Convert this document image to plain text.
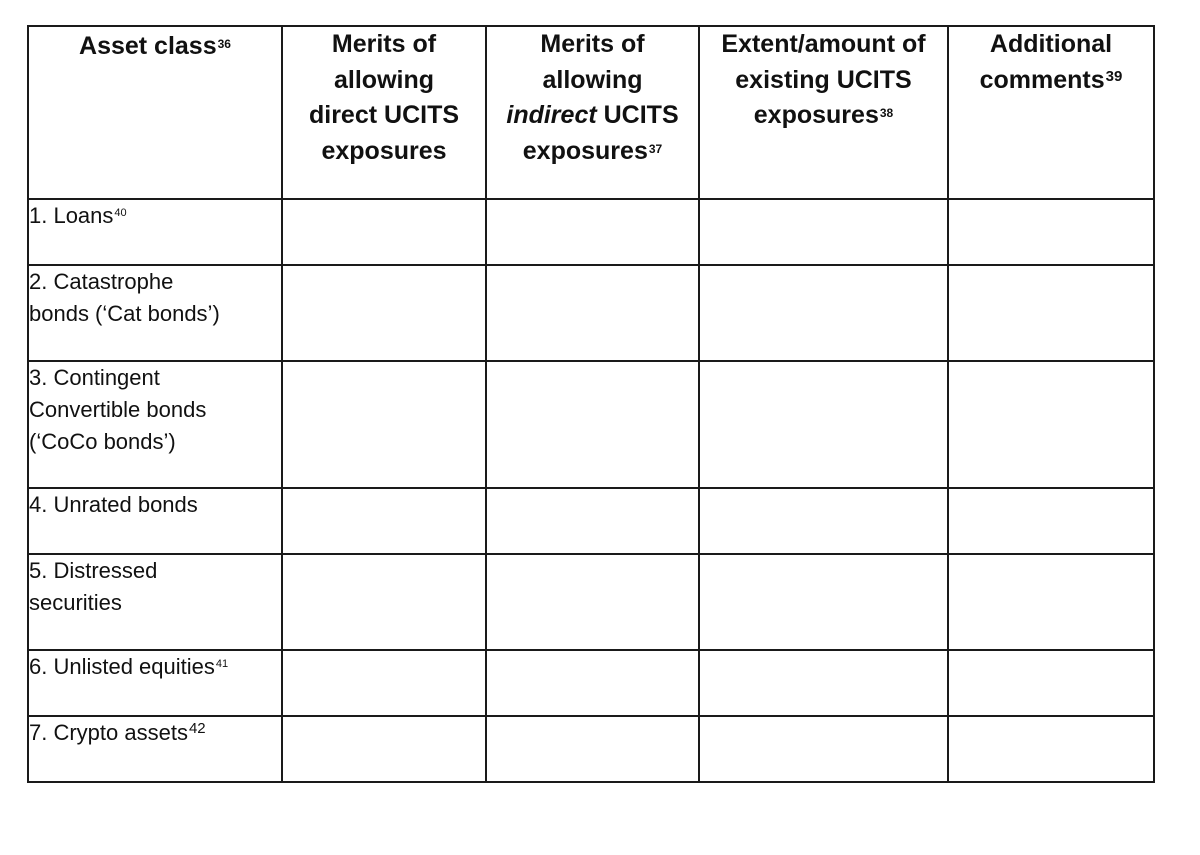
Asset class$^{36}$	Merits of
allowing
direct UCITS
exposures	Merits of
allowing
indirect UCITS
exposures$^{37}$	Extent/amount of
existing UCITS
exposures$^{38}$	Additional
comments$^{39}$

1. Loans$^{40}$

2. Catastrophe
bonds (‘Cat bonds’)				

3. Contingent
Convertible bonds
(‘CoCo bonds’)				

4. Unrated bonds				

5. Distressed
securities				

6. Unlisted equities$^{41}$

7. Crypto assets$^{42}$
